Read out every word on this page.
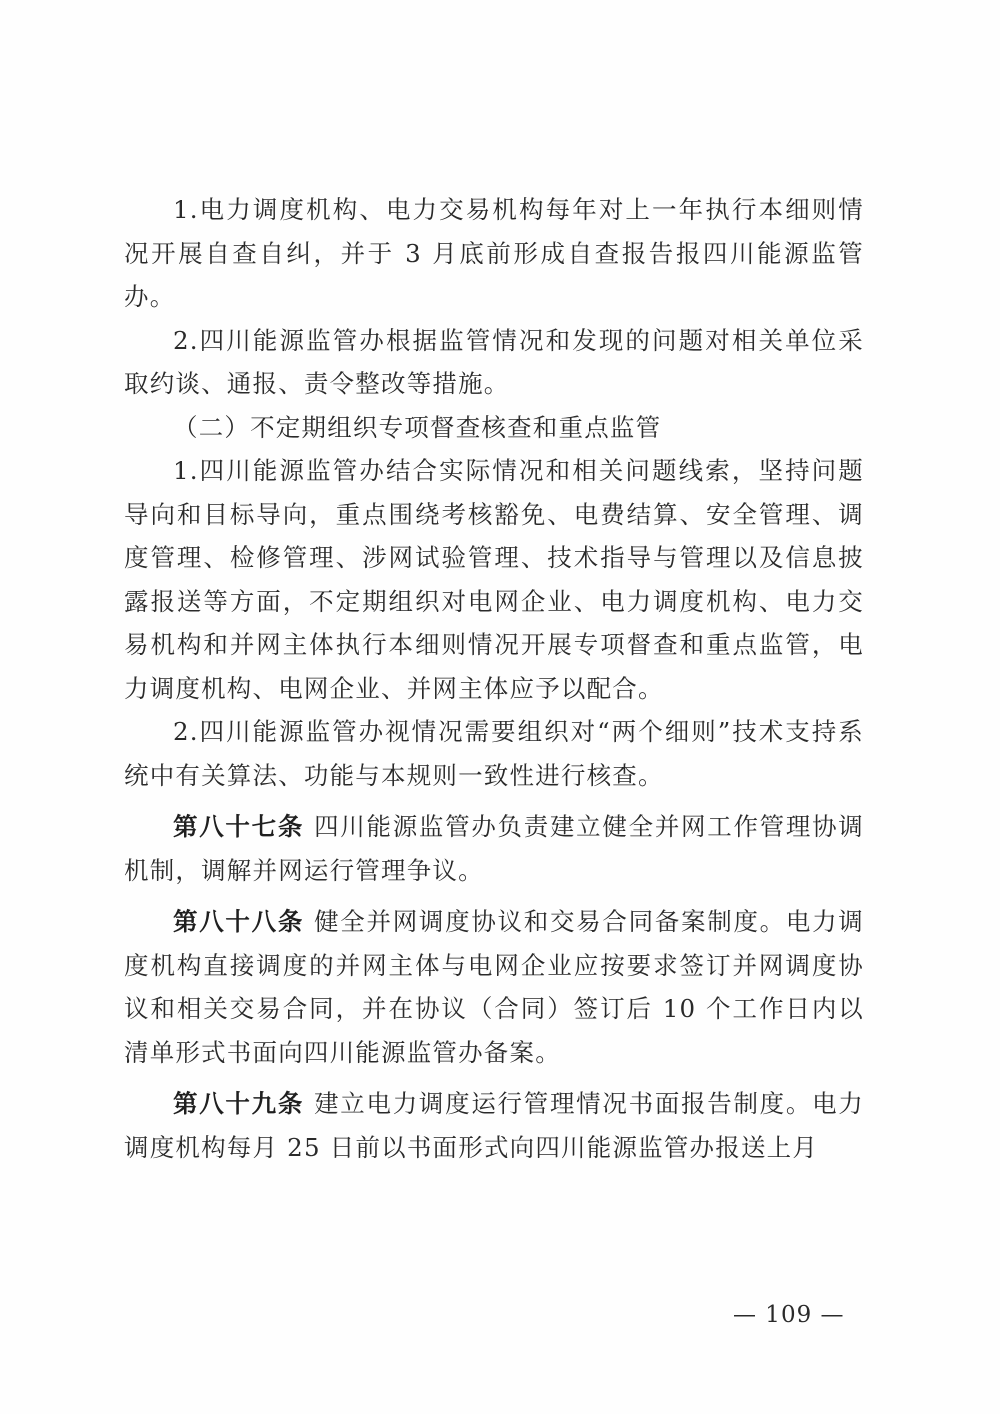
1.电力调度机构、电力交易机构每年对上一年执行本细则情况开展自查自纠，并于 3 月底前形成自查报告报四川能源监管办。

2.四川能源监管办根据监管情况和发现的问题对相关单位采取约谈、通报、责令整改等措施。

（二）不定期组织专项督查核查和重点监管

1.四川能源监管办结合实际情况和相关问题线索，坚持问题导向和目标导向，重点围绕考核豁免、电费结算、安全管理、调度管理、检修管理、涉网试验管理、技术指导与管理以及信息披露报送等方面，不定期组织对电网企业、电力调度机构、电力交易机构和并网主体执行本细则情况开展专项督查和重点监管，电力调度机构、电网企业、并网主体应予以配合。

2.四川能源监管办视情况需要组织对“两个细则”技术支持系统中有关算法、功能与本规则一致性进行核查。

第八十七条 四川能源监管办负责建立健全并网工作管理协调机制，调解并网运行管理争议。

第八十八条 健全并网调度协议和交易合同备案制度。电力调度机构直接调度的并网主体与电网企业应按要求签订并网调度协议和相关交易合同，并在协议（合同）签订后 10 个工作日内以清单形式书面向四川能源监管办备案。

第八十九条 建立电力调度运行管理情况书面报告制度。电力调度机构每月 25 日前以书面形式向四川能源监管办报送上月

— 109 —
